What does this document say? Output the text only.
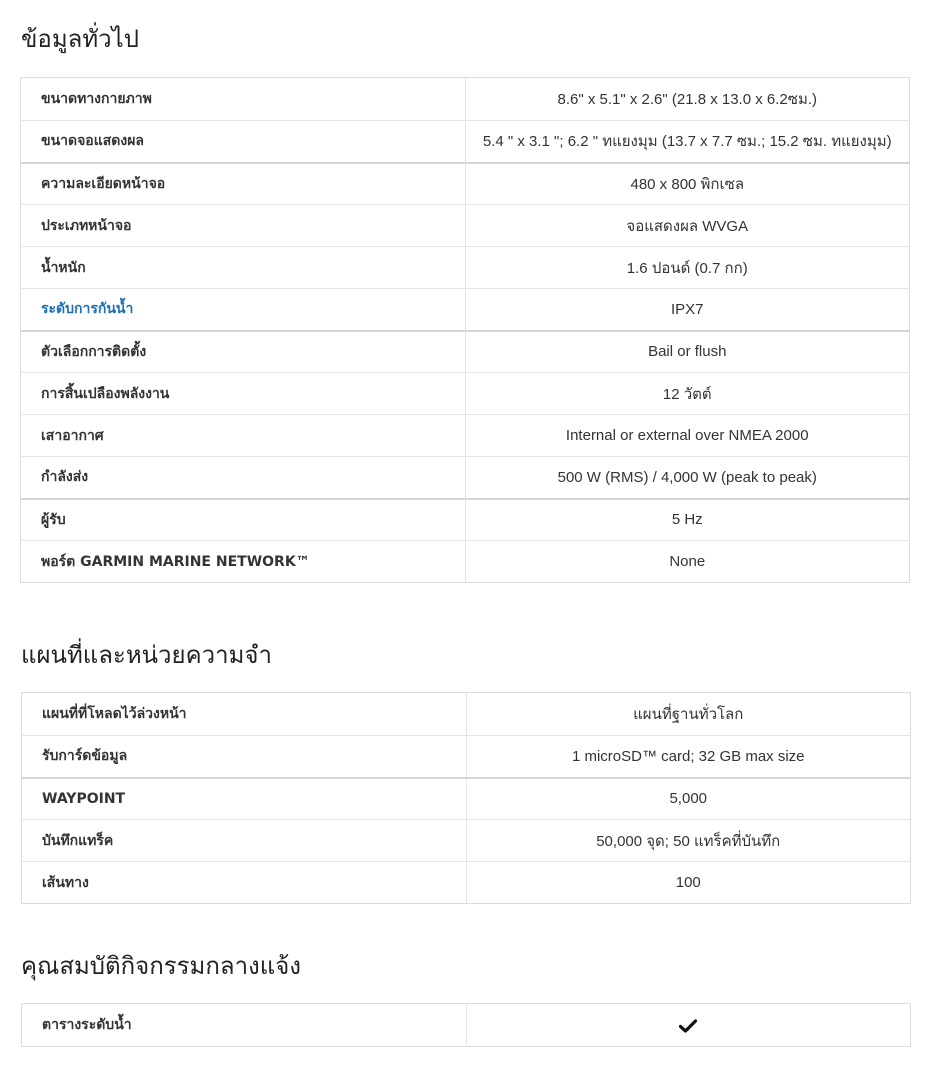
ข้อมูลทั่วไป
ขนาดทางกายภาพ	8.6" x 5.1" x 2.6" (21.8 x 13.0 x 6.2ซม.)
ขนาดจอแสดงผล	5.4 " x 3.1 "; 6.2 " ทแยงมุม (13.7 x 7.7 ซม.; 15.2 ซม. ทแยงมุม)
ความละเอียดหน้าจอ	480 x 800 พิกเซล
ประเภทหน้าจอ	จอแสดงผล WVGA
น้ำหนัก	1.6 ปอนด์ (0.7 กก)
ระดับการกันน้ำ	IPX7
ตัวเลือกการติดตั้ง	Bail or flush
การสิ้นเปลืองพลังงาน	12 วัตต์
เสาอากาศ	Internal or external over NMEA 2000
กำลังส่ง	500 W (RMS) / 4,000 W (peak to peak)
ผู้รับ	5 Hz
พอร์ต GARMIN MARINE NETWORK™	None
แผนที่และหน่วยความจำ
แผนที่ที่โหลดไว้ล่วงหน้า	แผนที่ฐานทั่วโลก
รับการ์ดข้อมูล	1 microSD™ card; 32 GB max size
WAYPOINT	5,000
บันทึกแทร็ค	50,000 จุด; 50 แทร็คที่บันทึก
เส้นทาง	100
คุณสมบัติกิจกรรมกลางแจ้ง
ตารางระดับน้ำ	
